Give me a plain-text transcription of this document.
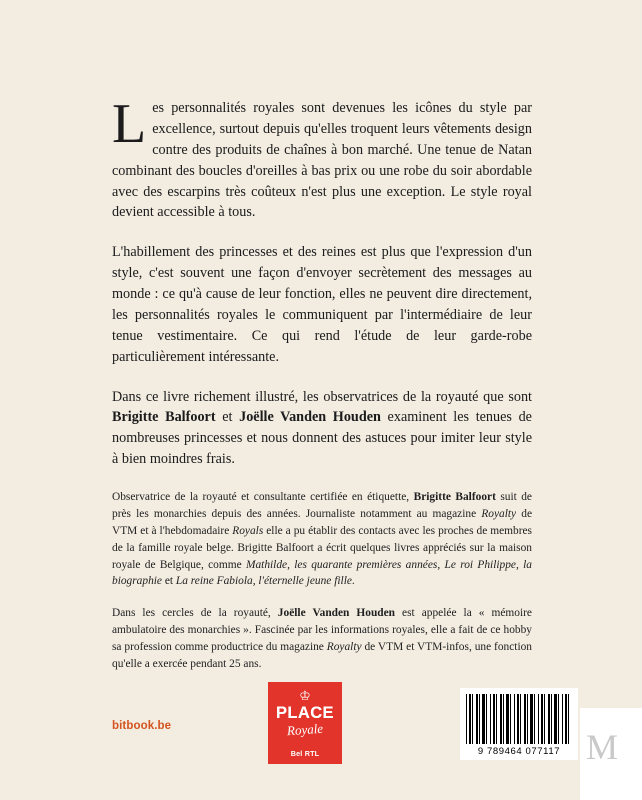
Les personnalités royales sont devenues les icônes du style par excellence, surtout depuis qu'elles troquent leurs vêtements design contre des produits de chaînes à bon marché. Une tenue de Natan combinant des boucles d'oreilles à bas prix ou une robe du soir abordable avec des escarpins très coûteux n'est plus une exception. Le style royal devient accessible à tous.

L'habillement des princesses et des reines est plus que l'expression d'un style, c'est souvent une façon d'envoyer secrètement des messages au monde : ce qu'à cause de leur fonction, elles ne peuvent dire directement, les personnalités royales le communiquent par l'intermédiaire de leur tenue vestimentaire. Ce qui rend l'étude de leur garde-robe particulièrement intéressante.

Dans ce livre richement illustré, les observatrices de la royauté que sont Brigitte Balfoort et Joëlle Vanden Houden examinent les tenues de nombreuses princesses et nous donnent des astuces pour imiter leur style à bien moindres frais.

Observatrice de la royauté et consultante certifiée en étiquette, Brigitte Balfoort suit de près les monarchies depuis des années. Journaliste notamment au magazine Royalty de VTM et à l'hebdomadaire Royals elle a pu établir des contacts avec les proches de membres de la famille royale belge. Brigitte Balfoort a écrit quelques livres appréciés sur la maison royale de Belgique, comme Mathilde, les quarante premières années, Le roi Philippe, la biographie et La reine Fabiola, l'éternelle jeune fille.

Dans les cercles de la royauté, Joëlle Vanden Houden est appelée la « mémoire ambulatoire des monarchies ». Fascinée par les informations royales, elle a fait de ce hobby sa profession comme productrice du magazine Royalty de VTM et VTM-infos, une fonction qu'elle a exercée pendant 25 ans.

bitbook.be
♔
PLACE
Royale
Bel RTL	9 789464 077117 M
